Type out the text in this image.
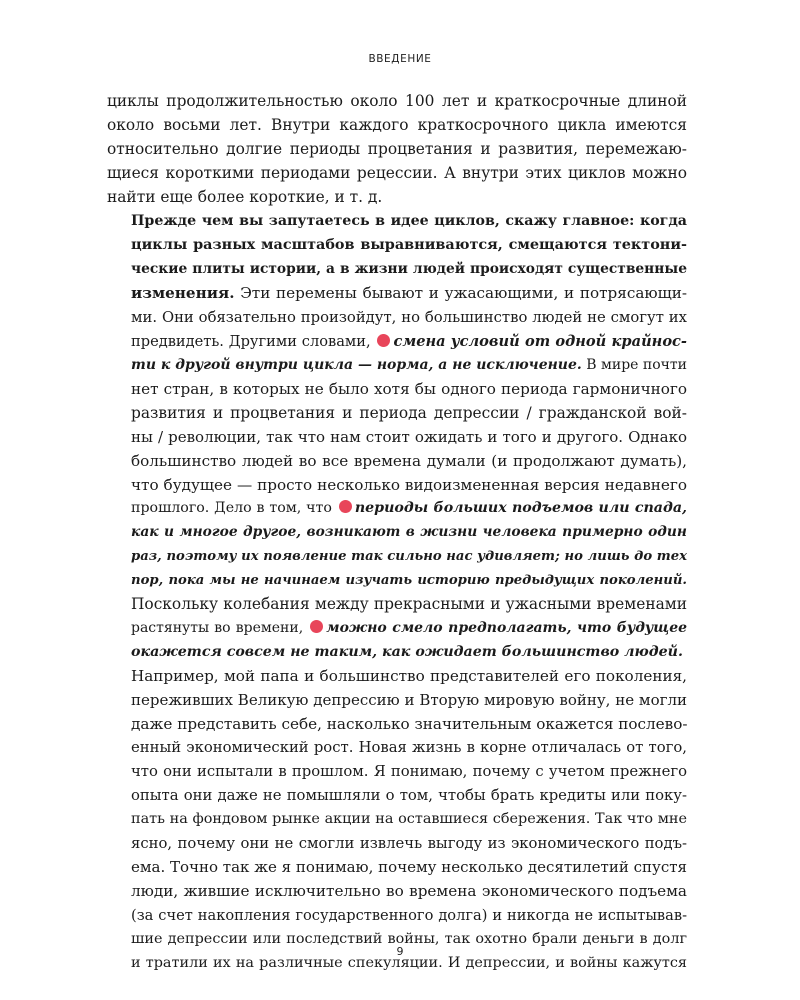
ВВЕДЕНИЕ

циклы продолжительностью около 100 лет и краткосрочные длиной
около восьми лет. Внутри каждого краткосрочного цикла имеются
относительно долгие периоды процветания и развития, перемежаю-
щиеся короткими периодами рецессии. А внутри этих циклов можно
найти еще более короткие, и т. д.

Прежде чем вы запутаетесь в идее циклов, скажу главное: когда
циклы разных масштабов выравниваются, смещаются тектони-
ческие плиты истории, а в жизни людей происходят существенные
изменения. Эти перемены бывают и ужасающими, и потрясающи-
ми. Они обязательно произойдут, но большинство людей не смогут их
предвидеть. Другими словами, смена условий от одной крайнос-
ти к другой внутри цикла — норма, а не исключение. В мире почти
нет стран, в которых не было хотя бы одного периода гармоничного
развития и процветания и периода депрессии / гражданской вой-
ны / революции, так что нам стоит ожидать и того и другого. Однако
большинство людей во все времена думали (и продолжают думать),
что будущее — просто несколько видоизмененная версия недавнего
прошлого. Дело в том, что периоды больших подъемов или спада,
как и многое другое, возникают в жизни человека примерно один
раз, поэтому их появление так сильно нас удивляет; но лишь до тех
пор, пока мы не начинаем изучать историю предыдущих поколений.
Поскольку колебания между прекрасными и ужасными временами
растянуты во времени, можно смело предполагать, что будущее
окажется совсем не таким, как ожидает большинство людей.

Например, мой папа и большинство представителей его поколения,
переживших Великую депрессию и Вторую мировую войну, не могли
даже представить себе, насколько значительным окажется послево-
енный экономический рост. Новая жизнь в корне отличалась от того,
что они испытали в прошлом. Я понимаю, почему с учетом прежнего
опыта они даже не помышляли о том, чтобы брать кредиты или поку-
пать на фондовом рынке акции на оставшиеся сбережения. Так что мне
ясно, почему они не смогли извлечь выгоду из экономического подъ-
ема. Точно так же я понимаю, почему несколько десятилетий спустя
люди, жившие исключительно во времена экономического подъема
(за счет накопления государственного долга) и никогда не испытывав-
шие депрессии или последствий войны, так охотно брали деньги в долг
и тратили их на различные спекуляции. И депрессии, и войны кажутся

9
